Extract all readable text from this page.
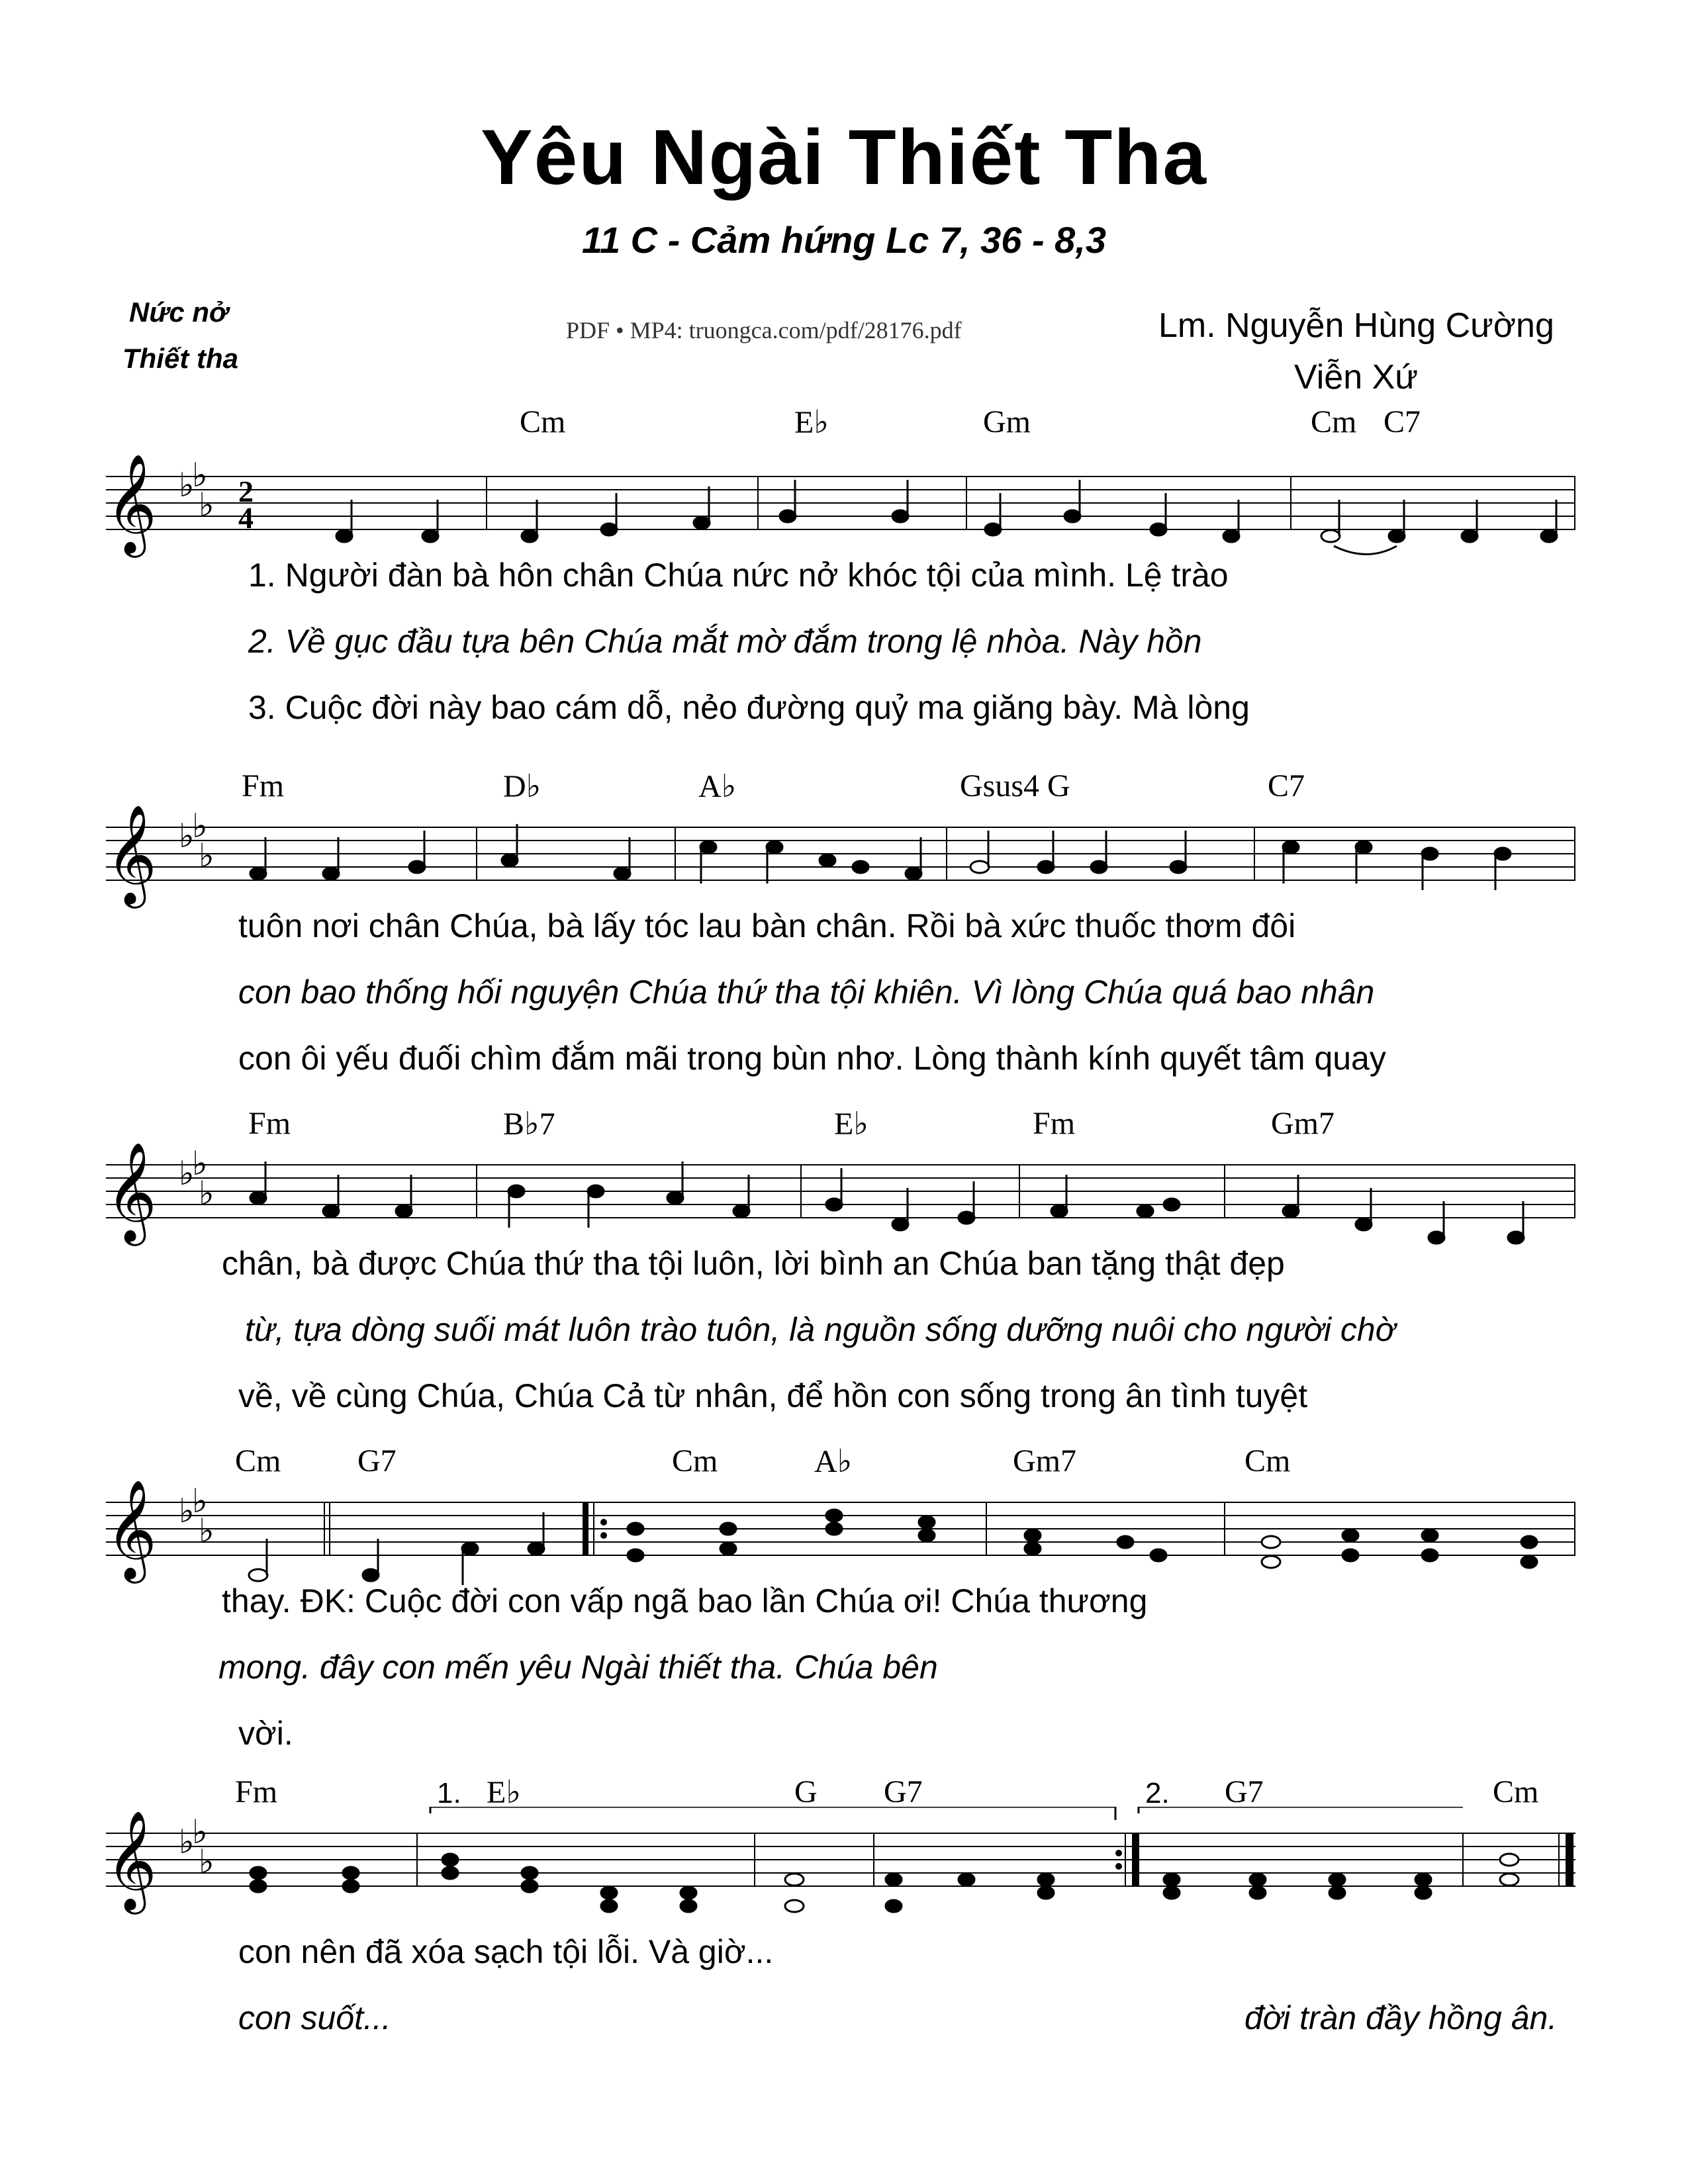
Yêu Ngài Thiết Tha
11 C - Cảm hứng Lc 7, 36 - 8,3
Nức nở
Thiết tha
PDF • MP4: truongca.com/pdf/28176.pdf	Lm. Nguyễn Hùng Cường
Viễn Xứ
Cm	E♭	Gm	Cm C7
𝄞 ♭
♭
♭ 2
4
1. Người đàn bà hôn chân Chúa nức nở khóc tội của mình. Lệ trào
2. Về gục đầu tựa bên Chúa mắt mờ đắm trong lệ nhòa. Này hồn
3. Cuộc đời này bao cám dỗ, nẻo đường quỷ ma giăng bày. Mà lòng
Fm	D♭	A♭	Gsus4 G	C7
𝄞 ♭
♭
♭
tuôn nơi chân Chúa, bà lấy tóc lau bàn chân. Rồi bà xức thuốc thơm đôi
con bao thống hối nguyện Chúa thứ tha tội khiên. Vì lòng Chúa quá bao nhân
con ôi yếu đuối chìm đắm mãi trong bùn nhơ. Lòng thành kính quyết tâm quay
Fm	B♭7	E♭	Fm	Gm7
𝄞 ♭
♭
♭
chân, bà được Chúa thứ tha tội luôn, lời bình an Chúa ban tặng thật đẹp
từ, tựa dòng suối mát luôn trào tuôn, là nguồn sống dưỡng nuôi cho người chờ
về, về cùng Chúa, Chúa Cả từ nhân, để hồn con sống trong ân tình tuyệt
Cm G7	Cm	A♭	Gm7	Cm
𝄞 ♭
♭
♭
thay. ĐK: Cuộc đời con vấp ngã bao lần Chúa ơi! Chúa thương
mong. đây con mến yêu Ngài thiết tha. Chúa bên
vời.
Fm	E♭	G G7	G7	Cm
1.	2.
𝄞 ♭
♭
♭
con nên đã xóa sạch tội lỗi. Và giờ...
con suốt...	đời tràn đầy hồng ân.
